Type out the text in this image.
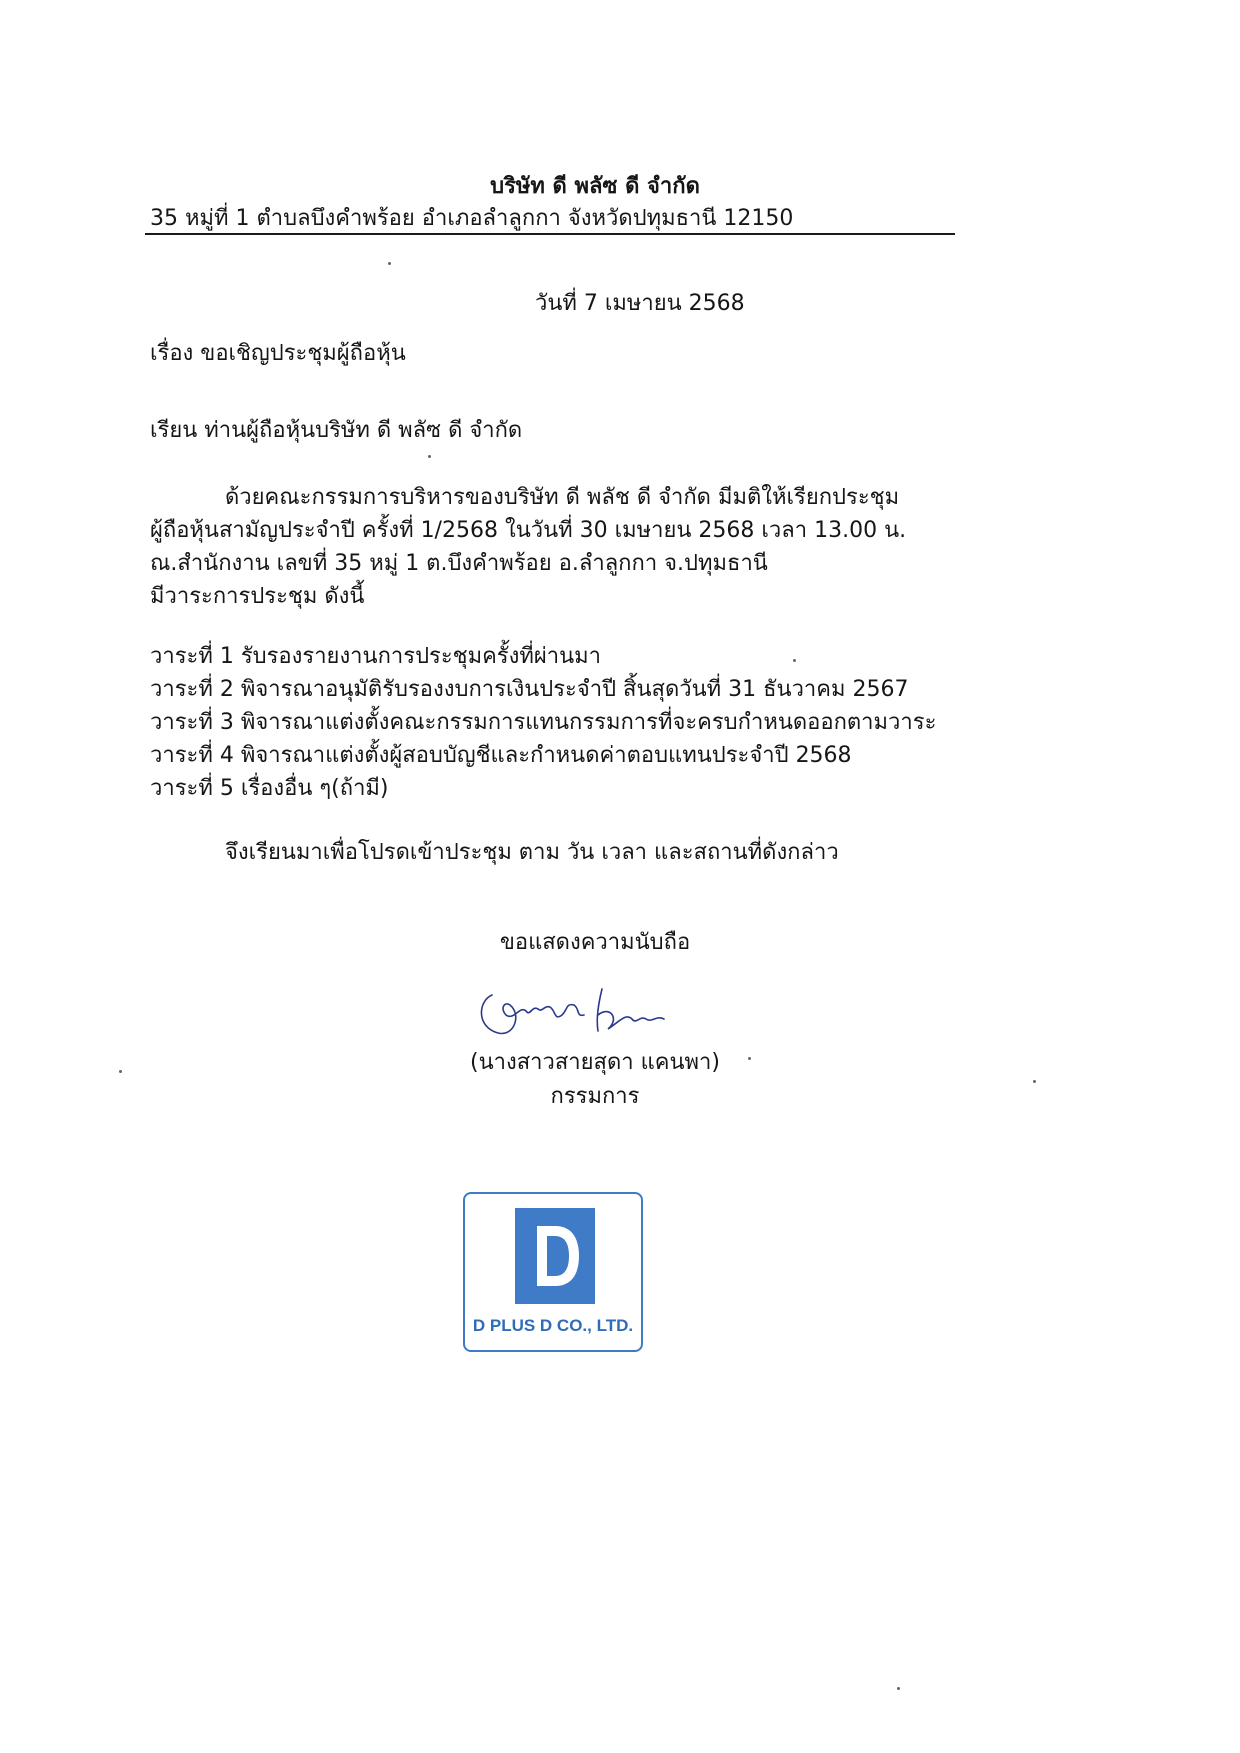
บริษัท ดี พลัซ ดี จำกัด
35 หมู่ที่ 1 ตำบลบึงคำพร้อย อำเภอลำลูกกา จังหวัดปทุมธานี 12150
วันที่ 7 เมษายน 2568
เรื่อง ขอเชิญประชุมผู้ถือหุ้น
เรียน ท่านผู้ถือหุ้นบริษัท ดี พลัซ ดี จำกัด
ด้วยคณะกรรมการบริหารของบริษัท ดี พลัช ดี จำกัด มีมติให้เรียกประชุม
ผู้ถือหุ้นสามัญประจำปี ครั้งที่ 1/2568 ในวันที่ 30 เมษายน 2568 เวลา 13.00 น.
ณ.สำนักงาน เลขที่ 35 หมู่ 1 ต.บึงคำพร้อย อ.ลำลูกกา จ.ปทุมธานี
มีวาระการประชุม ดังนี้
วาระที่ 1 รับรองรายงานการประชุมครั้งที่ผ่านมา
วาระที่ 2 พิจารณาอนุมัติรับรองงบการเงินประจำปี สิ้นสุดวันที่ 31 ธันวาคม 2567
วาระที่ 3 พิจารณาแต่งตั้งคณะกรรมการแทนกรรมการที่จะครบกำหนดออกตามวาระ
วาระที่ 4 พิจารณาแต่งตั้งผู้สอบบัญชีและกำหนดค่าตอบแทนประจำปี 2568
วาระที่ 5 เรื่องอื่น ๆ(ถ้ามี)
จึงเรียนมาเพื่อโปรดเข้าประชุม ตาม วัน เวลา และสถานที่ดังกล่าว
ขอแสดงความนับถือ
(นางสาวสายสุดา แคนพา)
กรรมการ
D PLUS D CO., LTD.
